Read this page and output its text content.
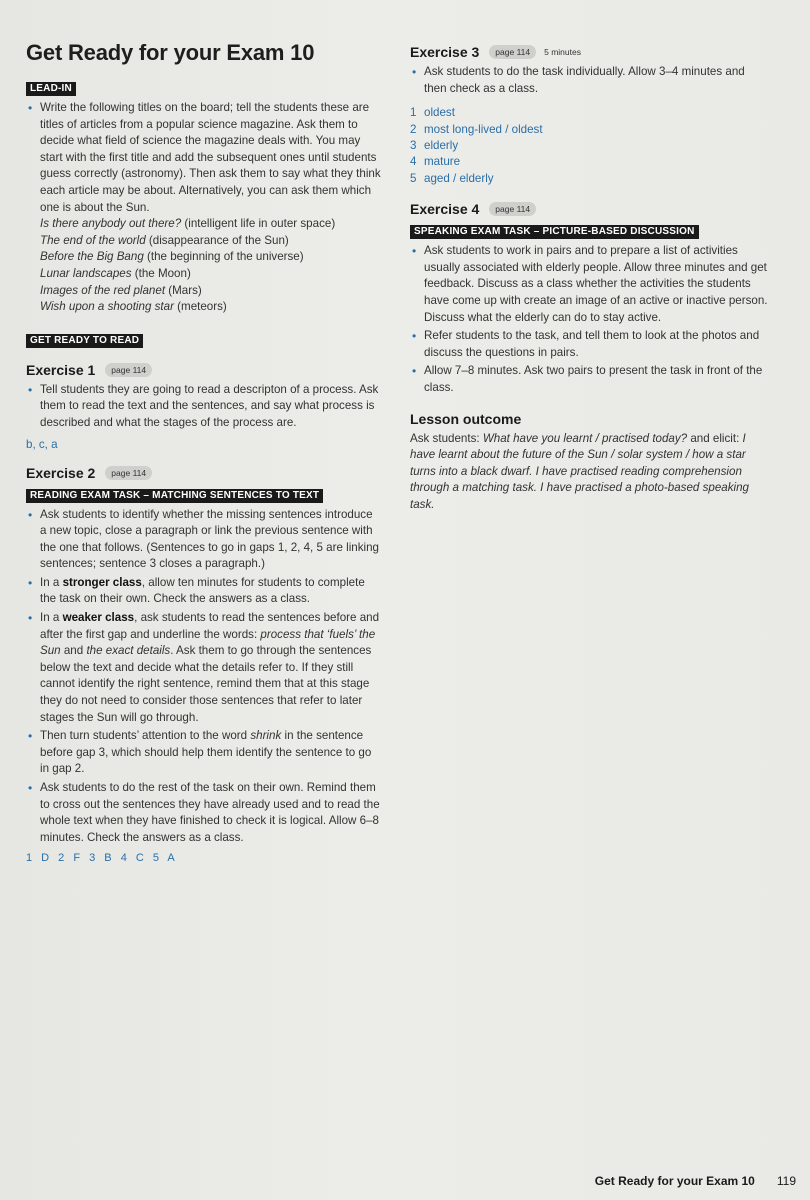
Get Ready for your Exam 10
LEAD-IN
• Write the following titles on the board; tell the students these are titles of articles from a popular science magazine. Ask them to decide what field of science the magazine deals with. You may start with the first title and add the subsequent ones until students guess correctly (astronomy). Then ask them to say what they think each article may be about. Alternatively, you can ask them which one is about the Sun.
Is there anybody out there? (intelligent life in outer space)
The end of the world (disappearance of the Sun)
Before the Big Bang (the beginning of the universe)
Lunar landscapes (the Moon)
Images of the red planet (Mars)
Wish upon a shooting star (meteors)
GET READY TO READ
Exercise 1	page 114
• Tell students they are going to read a descripton of a process. Ask them to read the text and the sentences, and say what process is described and what the stages of the process are.
b, c, a
Exercise 2	page 114
READING EXAM TASK – MATCHING SENTENCES TO TEXT
• Ask students to identify whether the missing sentences introduce a new topic, close a paragraph or link the previous sentence with the one that follows. (Sentences to go in gaps 1, 2, 4, 5 are linking sentences; sentence 3 closes a paragraph.)
• In a stronger class, allow ten minutes for students to complete the task on their own. Check the answers as a class.
• In a weaker class, ask students to read the sentences before and after the first gap and underline the words: process that ‘fuels’ the Sun and the exact details. Ask them to go through the sentences below the text and decide what the details refer to. If they still cannot identify the right sentence, remind them that at this stage they do not need to consider those sentences that refer to later stages the Sun will go through.
• Then turn students’ attention to the word shrink in the sentence before gap 3, which should help them identify the sentence to go in gap 2.
• Ask students to do the rest of the task on their own. Remind them to cross out the sentences they have already used and to read the whole text when they have finished to check it is logical. Allow 6–8 minutes. Check the answers as a class.
1 D 2 F 3 B 4 C 5 A
Exercise 3	page 114	5 minutes
• Ask students to do the task individually. Allow 3–4 minutes and then check as a class.
1 oldest
2 most long-lived / oldest
3 elderly
4 mature
5 aged / elderly
Exercise 4	page 114
SPEAKING EXAM TASK – PICTURE-BASED DISCUSSION
• Ask students to work in pairs and to prepare a list of activities usually associated with elderly people. Allow three minutes and get feedback. Discuss as a class whether the activities the students have come up with create an image of an active or inactive person. Discuss what the elderly can do to stay active.
• Refer students to the task, and tell them to look at the photos and discuss the questions in pairs.
• Allow 7–8 minutes. Ask two pairs to present the task in front of the class.
Lesson outcome
Ask students: What have you learnt / practised today? and elicit: I have learnt about the future of the Sun / solar system / how a star turns into a black dwarf. I have practised reading comprehension through a matching task. I have practised a photo-based speaking task.
Get Ready for your Exam 10 119
